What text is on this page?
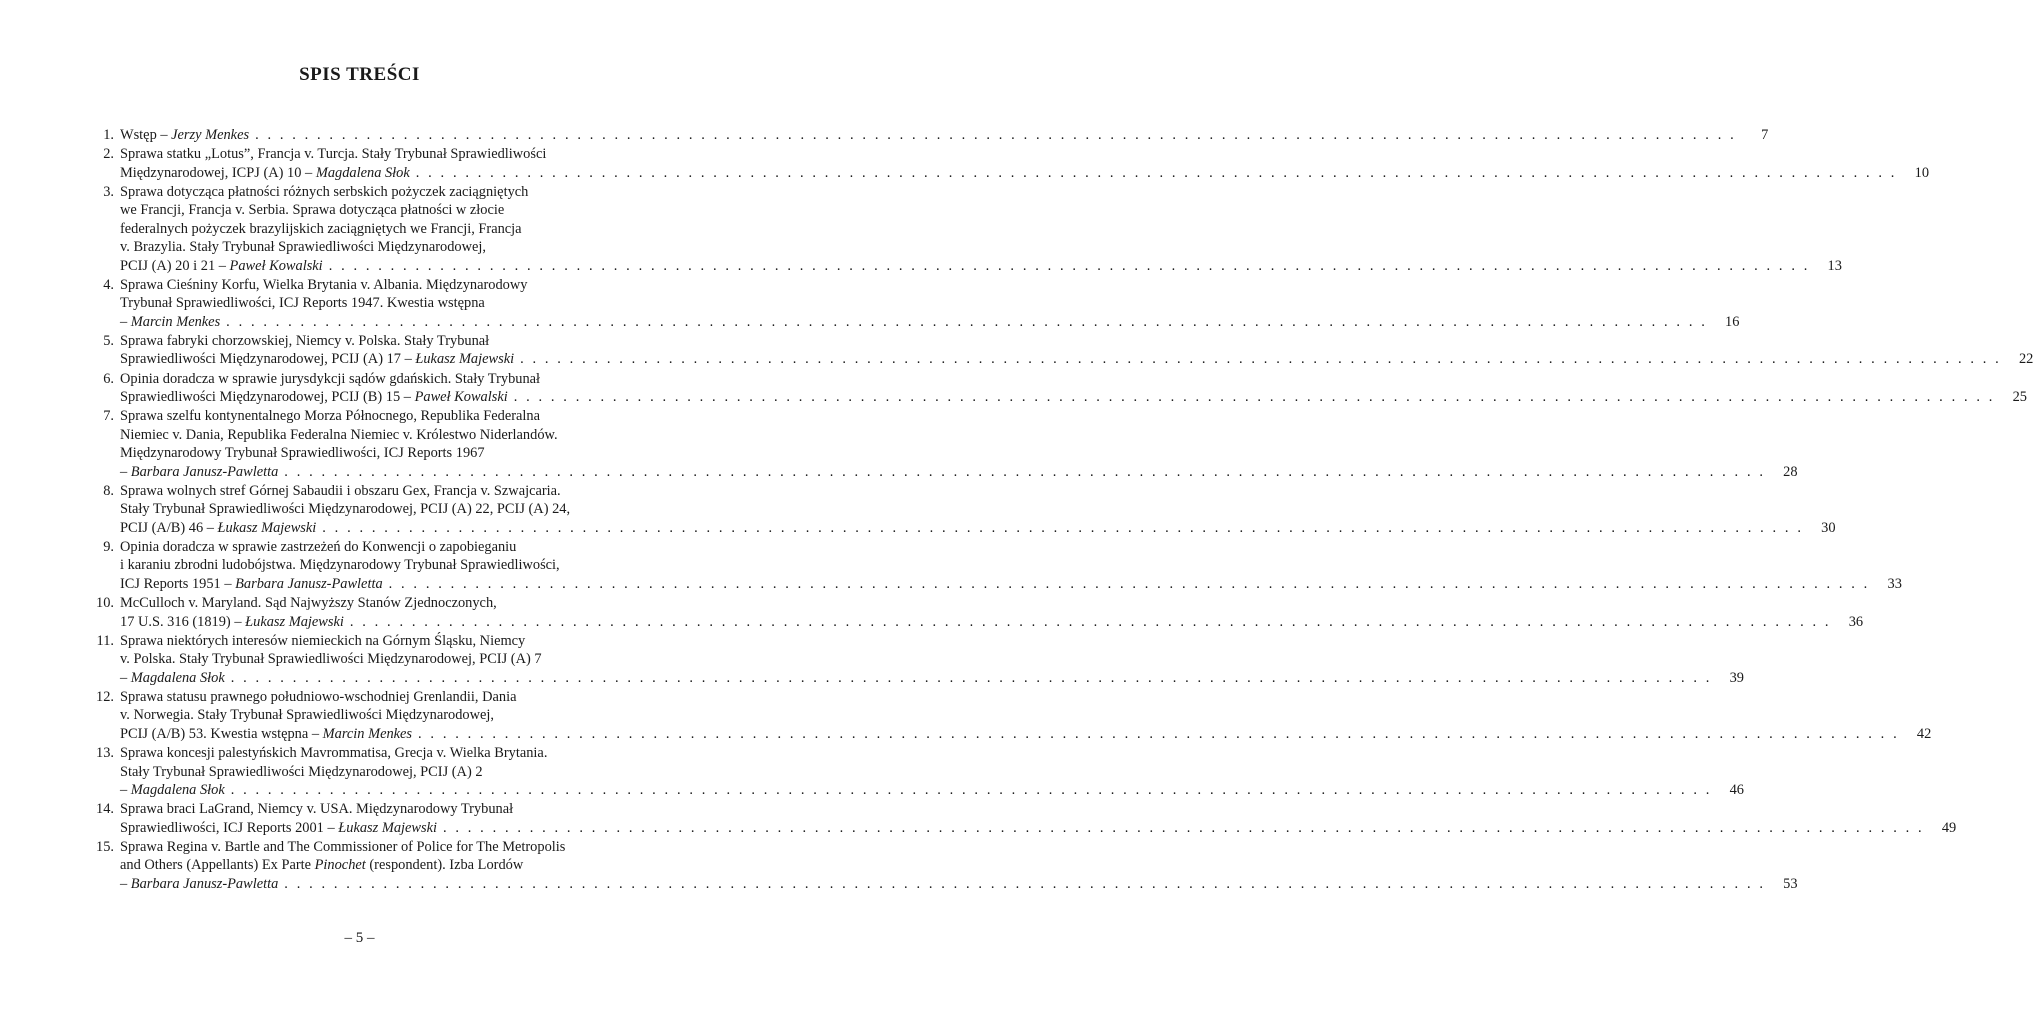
SPIS TREŚCI
1. Wstęp – Jerzy Menkes . . . . . . . . . . . . . . . . . . . . . . . . . . . . . . . . . . . . . . . . . . . . . . . . . . . . . . . . . . . . . . . . . . . . . . . . . . . . . . . . . . . . . . . . . . . . . . . . . . . . . . . . . . . . . . . . . . . . . . . .	7
2. Sprawa statku „Lotus”, Francja v. Turcja. Stały Trybunał Sprawiedliwości
Międzynarodowej, ICPJ (A) 10 – Magdalena Słok . . . . . . . . . . . . . . . . . . . . . . . . . . . . . . . . . . . . . . . . . . . . . . . . . . . . . . . . . . . . . . . . . . . . . . . . . . . . . . . . . . . . . . . . . . . . . . . . . . . . . . . . . . . . . . . . . . . . . . . .	10
3. Sprawa dotycząca płatności różnych serbskich pożyczek zaciągniętych
we Francji, Francja v. Serbia. Sprawa dotycząca płatności w złocie
federalnych pożyczek brazylijskich zaciągniętych we Francji, Francja
v. Brazylia. Stały Trybunał Sprawiedliwości Międzynarodowej,
PCIJ (A) 20 i 21 – Paweł Kowalski . . . . . . . . . . . . . . . . . . . . . . . . . . . . . . . . . . . . . . . . . . . . . . . . . . . . . . . . . . . . . . . . . . . . . . . . . . . . . . . . . . . . . . . . . . . . . . . . . . . . . . . . . . . . . . . . . . . . . . . .	13
4. Sprawa Cieśniny Korfu, Wielka Brytania v. Albania. Międzynarodowy
Trybunał Sprawiedliwości, ICJ Reports 1947. Kwestia wstępna
– Marcin Menkes . . . . . . . . . . . . . . . . . . . . . . . . . . . . . . . . . . . . . . . . . . . . . . . . . . . . . . . . . . . . . . . . . . . . . . . . . . . . . . . . . . . . . . . . . . . . . . . . . . . . . . . . . . . . . . . . . . . . . . . .	16
5. Sprawa fabryki chorzowskiej, Niemcy v. Polska. Stały Trybunał
Sprawiedliwości Międzynarodowej, PCIJ (A) 17 – Łukasz Majewski . . . . . . . . . . . . . . . . . . . . . . . . . . . . . . . . . . . . . . . . . . . . . . . . . . . . . . . . . . . . . . . . . . . . . . . . . . . . . . . . . . . . . . . . . . . . . . . . . . . . . . . . . . . . . . . . . . . . . . . .	22
6. Opinia doradcza w sprawie jurysdykcji sądów gdańskich. Stały Trybunał
Sprawiedliwości Międzynarodowej, PCIJ (B) 15 – Paweł Kowalski . . . . . . . . . . . . . . . . . . . . . . . . . . . . . . . . . . . . . . . . . . . . . . . . . . . . . . . . . . . . . . . . . . . . . . . . . . . . . . . . . . . . . . . . . . . . . . . . . . . . . . . . . . . . . . . . . . . . . . . .	25
7. Sprawa szelfu kontynentalnego Morza Północnego, Republika Federalna
Niemiec v. Dania, Republika Federalna Niemiec v. Królestwo Niderlandów.
Międzynarodowy Trybunał Sprawiedliwości, ICJ Reports 1967
– Barbara Janusz-Pawletta . . . . . . . . . . . . . . . . . . . . . . . . . . . . . . . . . . . . . . . . . . . . . . . . . . . . . . . . . . . . . . . . . . . . . . . . . . . . . . . . . . . . . . . . . . . . . . . . . . . . . . . . . . . . . . . . . . . . . . . .	28
8. Sprawa wolnych stref Górnej Sabaudii i obszaru Gex, Francja v. Szwajcaria.
Stały Trybunał Sprawiedliwości Międzynarodowej, PCIJ (A) 22, PCIJ (A) 24,
PCIJ (A/B) 46 – Łukasz Majewski . . . . . . . . . . . . . . . . . . . . . . . . . . . . . . . . . . . . . . . . . . . . . . . . . . . . . . . . . . . . . . . . . . . . . . . . . . . . . . . . . . . . . . . . . . . . . . . . . . . . . . . . . . . . . . . . . . . . . . . .	30
9. Opinia doradcza w sprawie zastrzeżeń do Konwencji o zapobieganiu
i karaniu zbrodni ludobójstwa. Międzynarodowy Trybunał Sprawiedliwości,
ICJ Reports 1951 – Barbara Janusz-Pawletta . . . . . . . . . . . . . . . . . . . . . . . . . . . . . . . . . . . . . . . . . . . . . . . . . . . . . . . . . . . . . . . . . . . . . . . . . . . . . . . . . . . . . . . . . . . . . . . . . . . . . . . . . . . . . . . . . . . . . . . .	33
10. McCulloch v. Maryland. Sąd Najwyższy Stanów Zjednoczonych,
17 U.S. 316 (1819) – Łukasz Majewski . . . . . . . . . . . . . . . . . . . . . . . . . . . . . . . . . . . . . . . . . . . . . . . . . . . . . . . . . . . . . . . . . . . . . . . . . . . . . . . . . . . . . . . . . . . . . . . . . . . . . . . . . . . . . . . . . . . . . . . .	36
11. Sprawa niektórych interesów niemieckich na Górnym Śląsku, Niemcy
v. Polska. Stały Trybunał Sprawiedliwości Międzynarodowej, PCIJ (A) 7
– Magdalena Słok . . . . . . . . . . . . . . . . . . . . . . . . . . . . . . . . . . . . . . . . . . . . . . . . . . . . . . . . . . . . . . . . . . . . . . . . . . . . . . . . . . . . . . . . . . . . . . . . . . . . . . . . . . . . . . . . . . . . . . . .	39
12. Sprawa statusu prawnego południowo-wschodniej Grenlandii, Dania
v. Norwegia. Stały Trybunał Sprawiedliwości Międzynarodowej,
PCIJ (A/B) 53. Kwestia wstępna – Marcin Menkes . . . . . . . . . . . . . . . . . . . . . . . . . . . . . . . . . . . . . . . . . . . . . . . . . . . . . . . . . . . . . . . . . . . . . . . . . . . . . . . . . . . . . . . . . . . . . . . . . . . . . . . . . . . . . . . . . . . . . . . .	42
13. Sprawa koncesji palestyńskich Mavrommatisa, Grecja v. Wielka Brytania.
Stały Trybunał Sprawiedliwości Międzynarodowej, PCIJ (A) 2
– Magdalena Słok . . . . . . . . . . . . . . . . . . . . . . . . . . . . . . . . . . . . . . . . . . . . . . . . . . . . . . . . . . . . . . . . . . . . . . . . . . . . . . . . . . . . . . . . . . . . . . . . . . . . . . . . . . . . . . . . . . . . . . . .	46
14. Sprawa braci LaGrand, Niemcy v. USA. Międzynarodowy Trybunał
Sprawiedliwości, ICJ Reports 2001 – Łukasz Majewski . . . . . . . . . . . . . . . . . . . . . . . . . . . . . . . . . . . . . . . . . . . . . . . . . . . . . . . . . . . . . . . . . . . . . . . . . . . . . . . . . . . . . . . . . . . . . . . . . . . . . . . . . . . . . . . . . . . . . . . .	49
15. Sprawa Regina v. Bartle and The Commissioner of Police for The Metropolis
and Others (Appellants) Ex Parte Pinochet (respondent). Izba Lordów
– Barbara Janusz-Pawletta . . . . . . . . . . . . . . . . . . . . . . . . . . . . . . . . . . . . . . . . . . . . . . . . . . . . . . . . . . . . . . . . . . . . . . . . . . . . . . . . . . . . . . . . . . . . . . . . . . . . . . . . . . . . . . . . . . . . . . . .	53
– 5 –
